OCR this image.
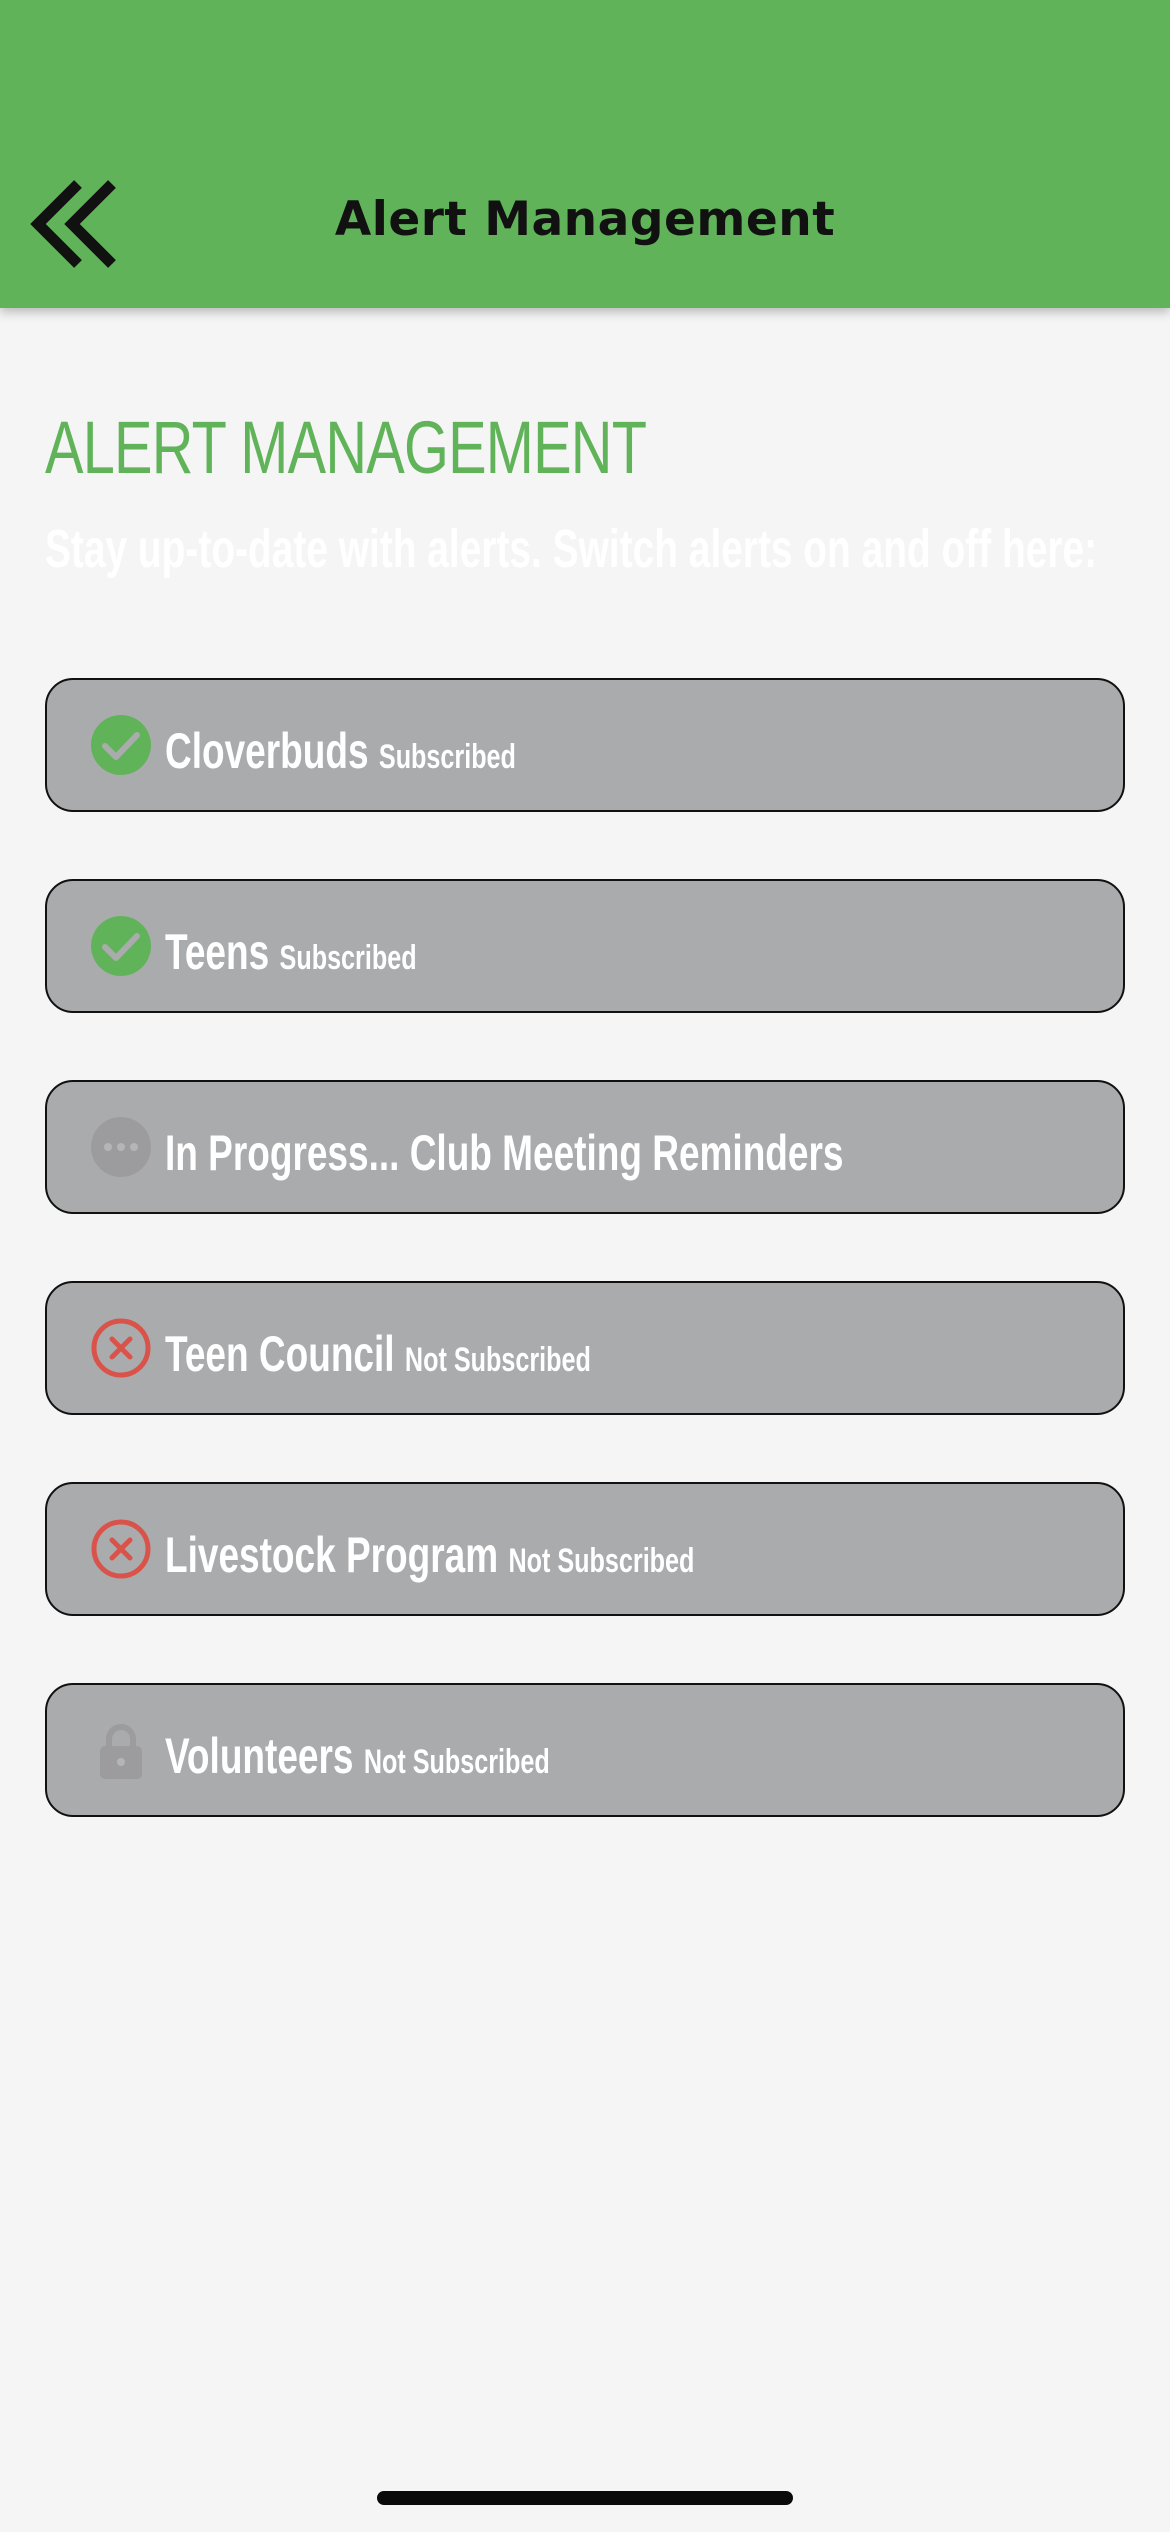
Alert Management
ALERT MANAGEMENT
Stay up-to-date with alerts. Switch alerts on and off here:
Cloverbuds Subscribed
Teens Subscribed
In Progress... Club Meeting Reminders
Teen Council Not Subscribed
Livestock Program Not Subscribed
Volunteers Not Subscribed
